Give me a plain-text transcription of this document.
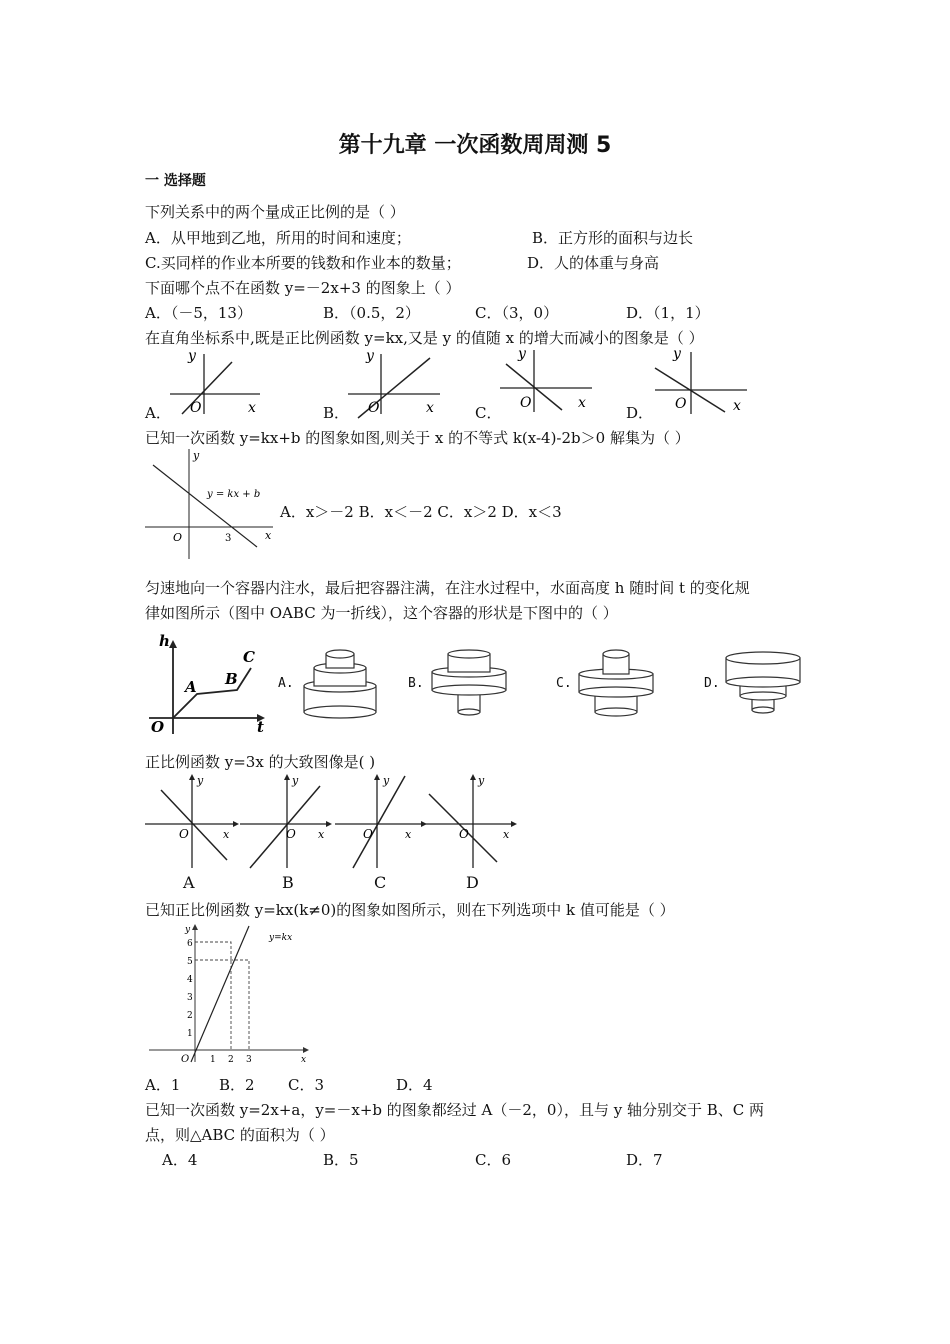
第十九章 一次函数周周测 5
一 选择题
下列关系中的两个量成正比例的是（ ）
A．从甲地到乙地，所用的时间和速度；	B．正方形的面积与边长
C.买同样的作业本所要的钱数和作业本的数量；	D．人的体重与身高
下面哪个点不在函数 y=－2x+3 的图象上（ ）
A．（－5，13）	B．（0.5，2）	C．（3，0）	D．（1，1）
在直角坐标系中,既是正比例函数 y=kx,又是 y 的值随 x 的增大而减小的图象是（ ）
A．	B．	C．	D．
y
O	x
y
O	x
y
O	x
y
O	x
已知一次函数 y=kx+b 的图象如图,则关于 x 的不等式 k(x-4)-2b＞0 解集为（ ）
y
x
O	3
y = kx + b
A．x＞－2 B．x＜－2 C．x＞2 D．x＜3
匀速地向一个容器内注水，最后把容器注满，在注水过程中，水面高度 h 随时间 t 的变化规
律如图所示（图中 OABC 为一折线），这个容器的形状是下图中的（ ）
h
t
O
A B
C
A.	B.	C.	D.
正比例函数 y=3x 的大致图像是( )
y
O	x
y
O x
y
O	x
y
O	x
A	B	C	D
已知正比例函数 y=kx(k≠0)的图象如图所示，则在下列选项中 k 值可能是（ ）
y=kx
y
x
O
1
2
3
4
5
6
1 2 3
A．1	B．2 C．3	D．4
已知一次函数 y=2x+a，y=－x+b 的图象都经过 A（－2，0），且与 y 轴分别交于 B、C 两
点，则△ABC 的面积为（ ）
A．4	B．5	C．6	D．7
